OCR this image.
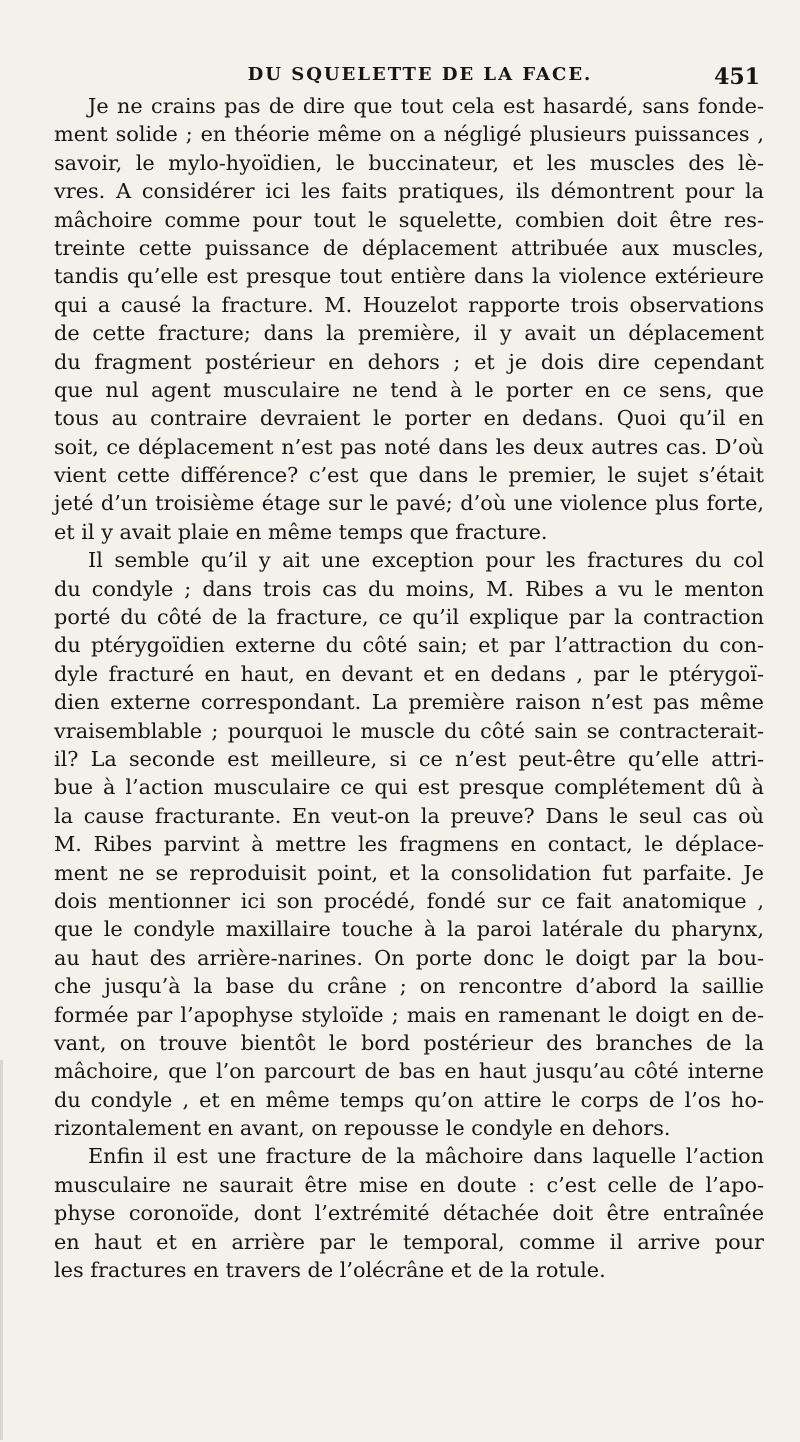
DU SQUELETTE DE LA FACE.	451
Je ne crains pas de dire que tout cela est hasardé, sans fonde-
ment solide ; en théorie même on a négligé plusieurs puissances ,
savoir, le mylo-hyoïdien, le buccinateur, et les muscles des lè-
vres. A considérer ici les faits pratiques, ils démontrent pour la
mâchoire comme pour tout le squelette, combien doit être res-
treinte cette puissance de déplacement attribuée aux muscles,
tandis qu’elle est presque tout entière dans la violence extérieure
qui a causé la fracture. M. Houzelot rapporte trois observations
de cette fracture; dans la première, il y avait un déplacement
du fragment postérieur en dehors ; et je dois dire cependant
que nul agent musculaire ne tend à le porter en ce sens, que
tous au contraire devraient le porter en dedans. Quoi qu’il en
soit, ce déplacement n’est pas noté dans les deux autres cas. D’où
vient cette différence? c’est que dans le premier, le sujet s’était
jeté d’un troisième étage sur le pavé; d’où une violence plus forte,
et il y avait plaie en même temps que fracture.
Il semble qu’il y ait une exception pour les fractures du col
du condyle ; dans trois cas du moins, M. Ribes a vu le menton
porté du côté de la fracture, ce qu’il explique par la contraction
du ptérygoïdien externe du côté sain; et par l’attraction du con-
dyle fracturé en haut, en devant et en dedans , par le ptérygoï-
dien externe correspondant. La première raison n’est pas même
vraisemblable ; pourquoi le muscle du côté sain se contracterait-
il? La seconde est meilleure, si ce n’est peut-être qu’elle attri-
bue à l’action musculaire ce qui est presque complétement dû à
la cause fracturante. En veut-on la preuve? Dans le seul cas où
M. Ribes parvint à mettre les fragmens en contact, le déplace-
ment ne se reproduisit point, et la consolidation fut parfaite. Je
dois mentionner ici son procédé, fondé sur ce fait anatomique ,
que le condyle maxillaire touche à la paroi latérale du pharynx,
au haut des arrière-narines. On porte donc le doigt par la bou-
che jusqu’à la base du crâne ; on rencontre d’abord la saillie
formée par l’apophyse styloïde ; mais en ramenant le doigt en de-
vant, on trouve bientôt le bord postérieur des branches de la
mâchoire, que l’on parcourt de bas en haut jusqu’au côté interne
du condyle , et en même temps qu’on attire le corps de l’os ho-
rizontalement en avant, on repousse le condyle en dehors.
Enfin il est une fracture de la mâchoire dans laquelle l’action
musculaire ne saurait être mise en doute : c’est celle de l’apo-
physe coronoïde, dont l’extrémité détachée doit être entraînée
en haut et en arrière par le temporal, comme il arrive pour
les fractures en travers de l’olécrâne et de la rotule.
